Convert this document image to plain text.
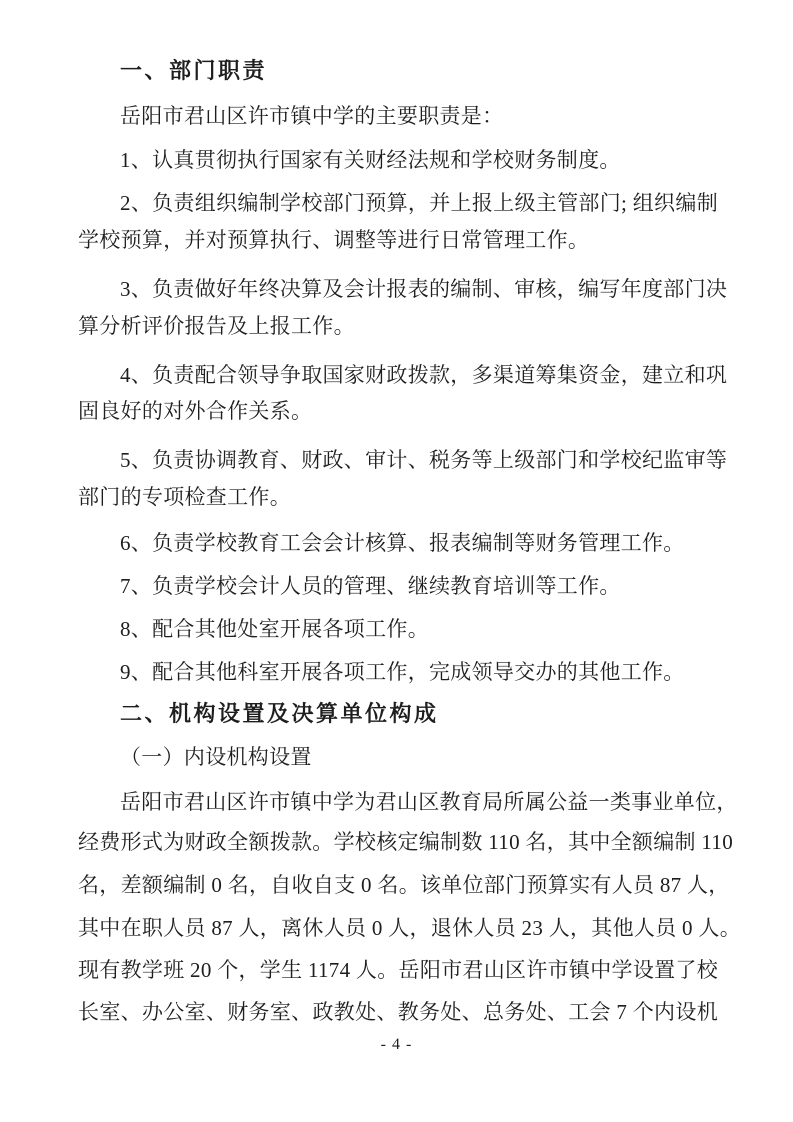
一、部门职责
岳阳市君山区许市镇中学的主要职责是：
1、认真贯彻执行国家有关财经法规和学校财务制度。
2、负责组织编制学校部门预算，并上报上级主管部门; 组织编制
学校预算，并对预算执行、调整等进行日常管理工作。
3、负责做好年终决算及会计报表的编制、审核，编写年度部门决
算分析评价报告及上报工作。
4、负责配合领导争取国家财政拨款，多渠道筹集资金，建立和巩
固良好的对外合作关系。
5、负责协调教育、财政、审计、税务等上级部门和学校纪监审等
部门的专项检查工作。
6、负责学校教育工会会计核算、报表编制等财务管理工作。
7、负责学校会计人员的管理、继续教育培训等工作。
8、配合其他处室开展各项工作。
9、配合其他科室开展各项工作，完成领导交办的其他工作。
二、机构设置及决算单位构成
（一）内设机构设置
岳阳市君山区许市镇中学为君山区教育局所属公益一类事业单位，
经费形式为财政全额拨款。学校核定编制数 110 名，其中全额编制 110
名，差额编制 0 名，自收自支 0 名。该单位部门预算实有人员 87 人，
其中在职人员 87 人，离休人员 0 人，退休人员 23 人，其他人员 0 人。
现有教学班 20 个，学生 1174 人。岳阳市君山区许市镇中学设置了校
长室、办公室、财务室、政教处、教务处、总务处、工会 7 个内设机
- 4 -
